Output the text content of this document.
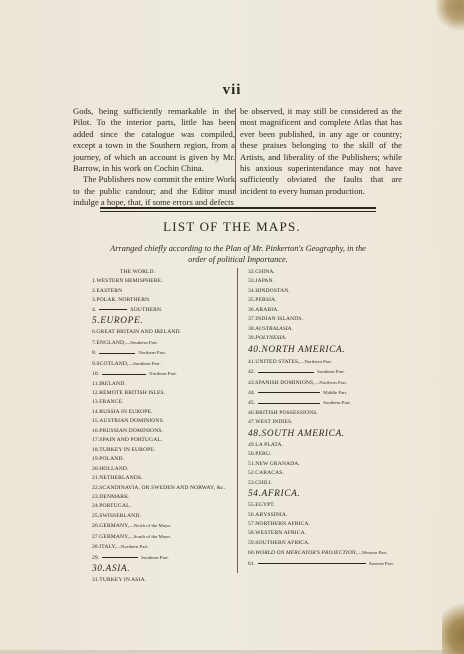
vii

Gods, being sufficiently remarkable in the Pilot. To the interior parts, little has been added since the catalogue was compiled, except a town in the Southern region, from a journey, of which an account is given by Mr. Barrow, in his work on Cochin China.

The Publishers now commit the entire Work to the public candour; and the Editor must indulge a hope, that, if some errors and defects

be observed, it may still be considered as the most magnificent and complete Atlas that has ever been published, in any age or country; these praises belonging to the skill of the Artists, and liberality of the Publishers; while his anxious superintendance may not have sufficiently obviated the faults that are incident to every human production.

LIST OF THE MAPS.
Arranged chiefly according to the Plan of Mr. Pinkerton's Geography, in the order of political Importance.
THE WORLD.
1.WESTERN HEMISPHERE.
2.EASTERN
3.POLAR. NORTHERN.
4.	SOUTHERN.
5.EUROPE.
6.GREAT BRITAIN AND IRELAND.
7.ENGLAND,—Southern Part.
8.	Northern Part.
9.SCOTLAND,—Southern Part.
10.	Northern Part.
11.IRELAND.
12.REMOTE BRITISH ISLES.
13.FRANCE.
14.RUSSIA IN EUROPE.
15.AUSTRIAN DOMINIONS.
16.PRUSSIAN DOMINIONS.
17.SPAIN AND PORTUGAL.
18.TURKEY IN EUROPE.
19.POLAND.
20.HOLLAND.
21.NETHERLANDS.
22.SCANDINAVIA, OR SWEDEN AND NORWAY, &c.
23.DENMARK.
24.PORTUGAL.
25.SWISSERLAND.
26.GERMANY,—North of the Mayn.
27.GERMANY,—South of the Mayn.
28.ITALY,—Northern Part.
29.	Southern Part.
30.ASIA.
31.TURKEY IN ASIA.
32.CHINA.
33.JAPAN.
34.HINDOSTAN.
35.PERSIA.
36.ARABIA.
37.INDIAN ISLANDS.
38.AUSTRALASIA.
39.POLYNESIA.
40.NORTH AMERICA.
41.UNITED STATES,—Northern Part.
42.	Southern Part.
43.SPANISH DOMINIONS,—Northern Part.
44.	Middle Part.
45.	Southern Part.
46.BRITISH POSSESSIONS.
47.WEST INDIES.
48.SOUTH AMERICA.
49.LA PLATA.
50.PERU.
51.NEW GRANADA.
52.CARACAS.
53.CHILI.
54.AFRICA.
55.EGYPT.
56.ABYSSINIA.
57.NORTHERN AFRICA.
58.WESTERN AFRICA.
59.SOUTHERN AFRICA.
60.WORLD ON MERCATOR'S PROJECTION,—Western Part.
61.	Eastern Part.
